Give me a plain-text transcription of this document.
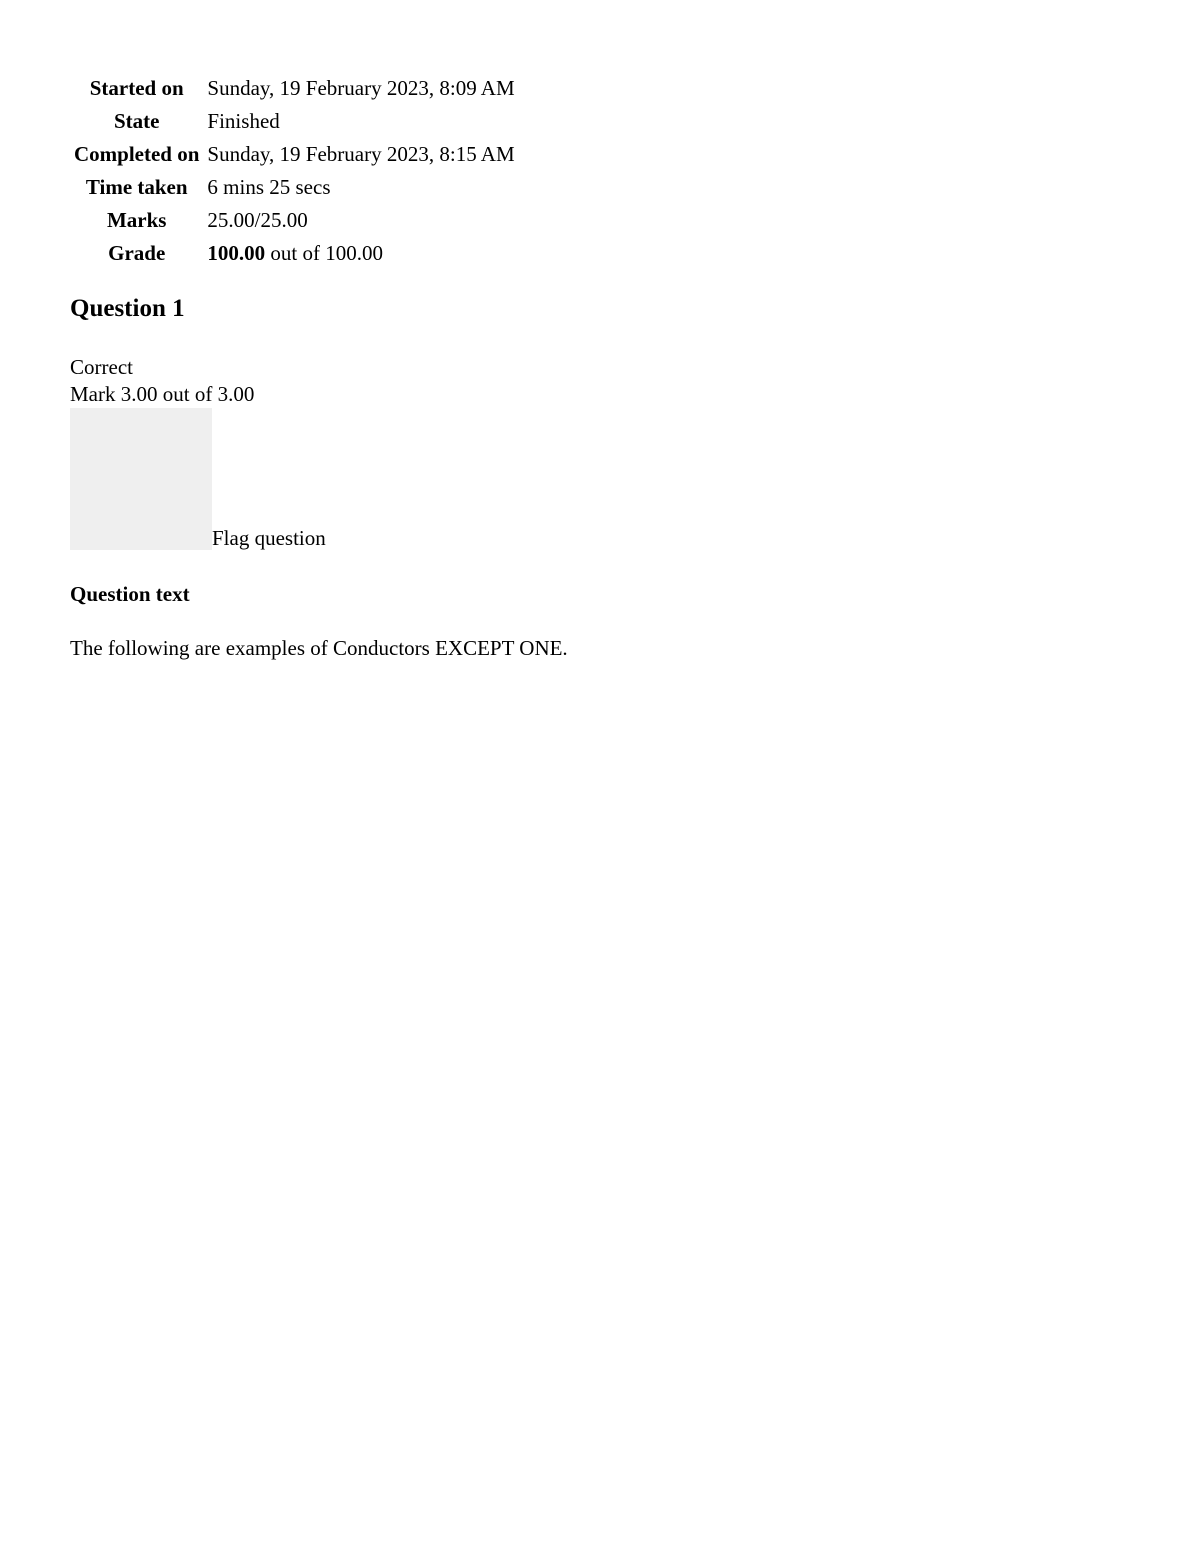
Started on	Sunday, 19 February 2023, 8:09 AM
State	Finished
Completed on	Sunday, 19 February 2023, 8:15 AM
Time taken	6 mins 25 secs
Marks	25.00/25.00
Grade	100.00 out of 100.00
Question 1
Correct
Mark 3.00 out of 3.00
Flag question
Question text
The following are examples of Conductors EXCEPT ONE.
